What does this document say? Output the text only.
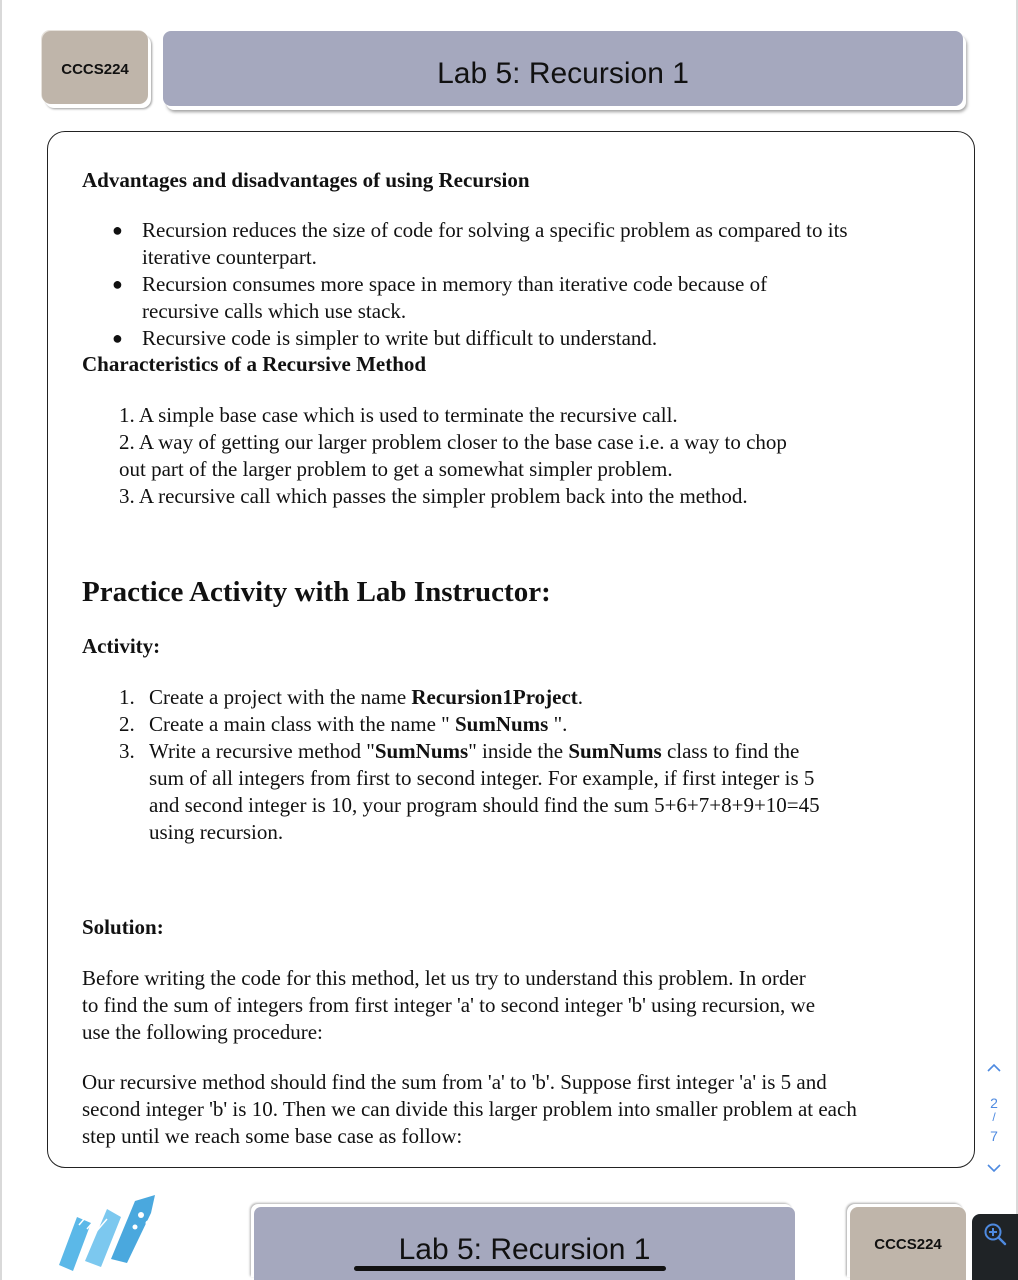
CCCS224	Lab 5: Recursion 1
Advantages and disadvantages of using Recursion
● Recursion reduces the size of code for solving a specific problem as compared to its
iterative counterpart.
● Recursion consumes more space in memory than iterative code because of
recursive calls which use stack.
● Recursive code is simpler to write but difficult to understand.
Characteristics of a Recursive Method
1. A simple base case which is used to terminate the recursive call.
2. A way of getting our larger problem closer to the base case i.e. a way to chop
out part of the larger problem to get a somewhat simpler problem.
3. A recursive call which passes the simpler problem back into the method.
Practice Activity with Lab Instructor:
Activity:
1. Create a project with the name Recursion1Project.
2. Create a main class with the name " SumNums ".
3. Write a recursive method "SumNums" inside the SumNums class to find the
sum of all integers from first to second integer. For example, if first integer is 5
and second integer is 10, your program should find the sum 5+6+7+8+9+10=45
using recursion.
Solution:
Before writing the code for this method, let us try to understand this problem. In order
to find the sum of integers from first integer 'a' to second integer 'b' using recursion, we
use the following procedure:
Our recursive method should find the sum from 'a' to 'b'. Suppose first integer 'a' is 5 and
second integer 'b' is 10. Then we can divide this larger problem into smaller problem at each
step until we reach some base case as follow:
2
/
7
Lab 5: Recursion 1	CCCS224
